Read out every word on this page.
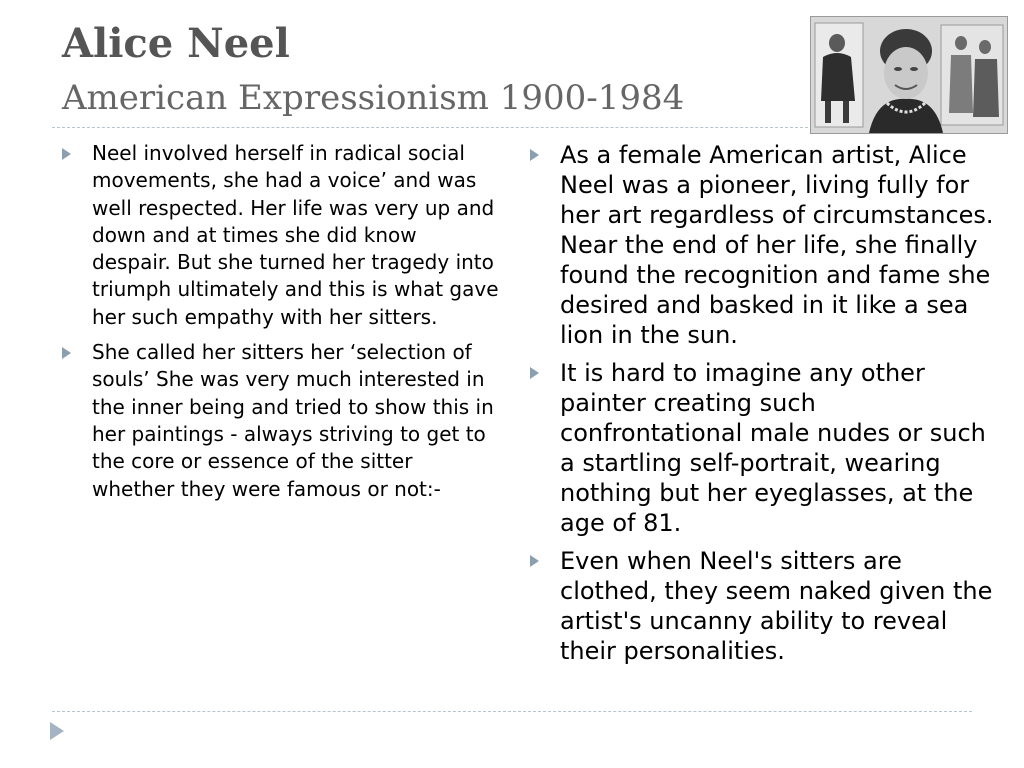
Alice Neel
American Expressionism 1900-1984
Neel involved herself in radical social movements, she had a voice’ and was well respected. Her life was very up and down and at times she did know despair. But she turned her tragedy into triumph ultimately and this is what gave her such empathy with her sitters.
She called her sitters her ‘selection of souls’ She was very much interested in the inner being and tried to show this in her paintings - always striving to get to the core or essence of the sitter whether they were famous or not:-
As a female American artist, Alice Neel was a pioneer, living fully for her art regardless of circumstances. Near the end of her life, she finally found the recognition and fame she desired and basked in it like a sea lion in the sun.
It is hard to imagine any other painter creating such confrontational male nudes or such a startling self-portrait, wearing nothing but her eyeglasses, at the age of 81.
Even when Neel's sitters are clothed, they seem naked given the artist's uncanny ability to reveal their personalities.
